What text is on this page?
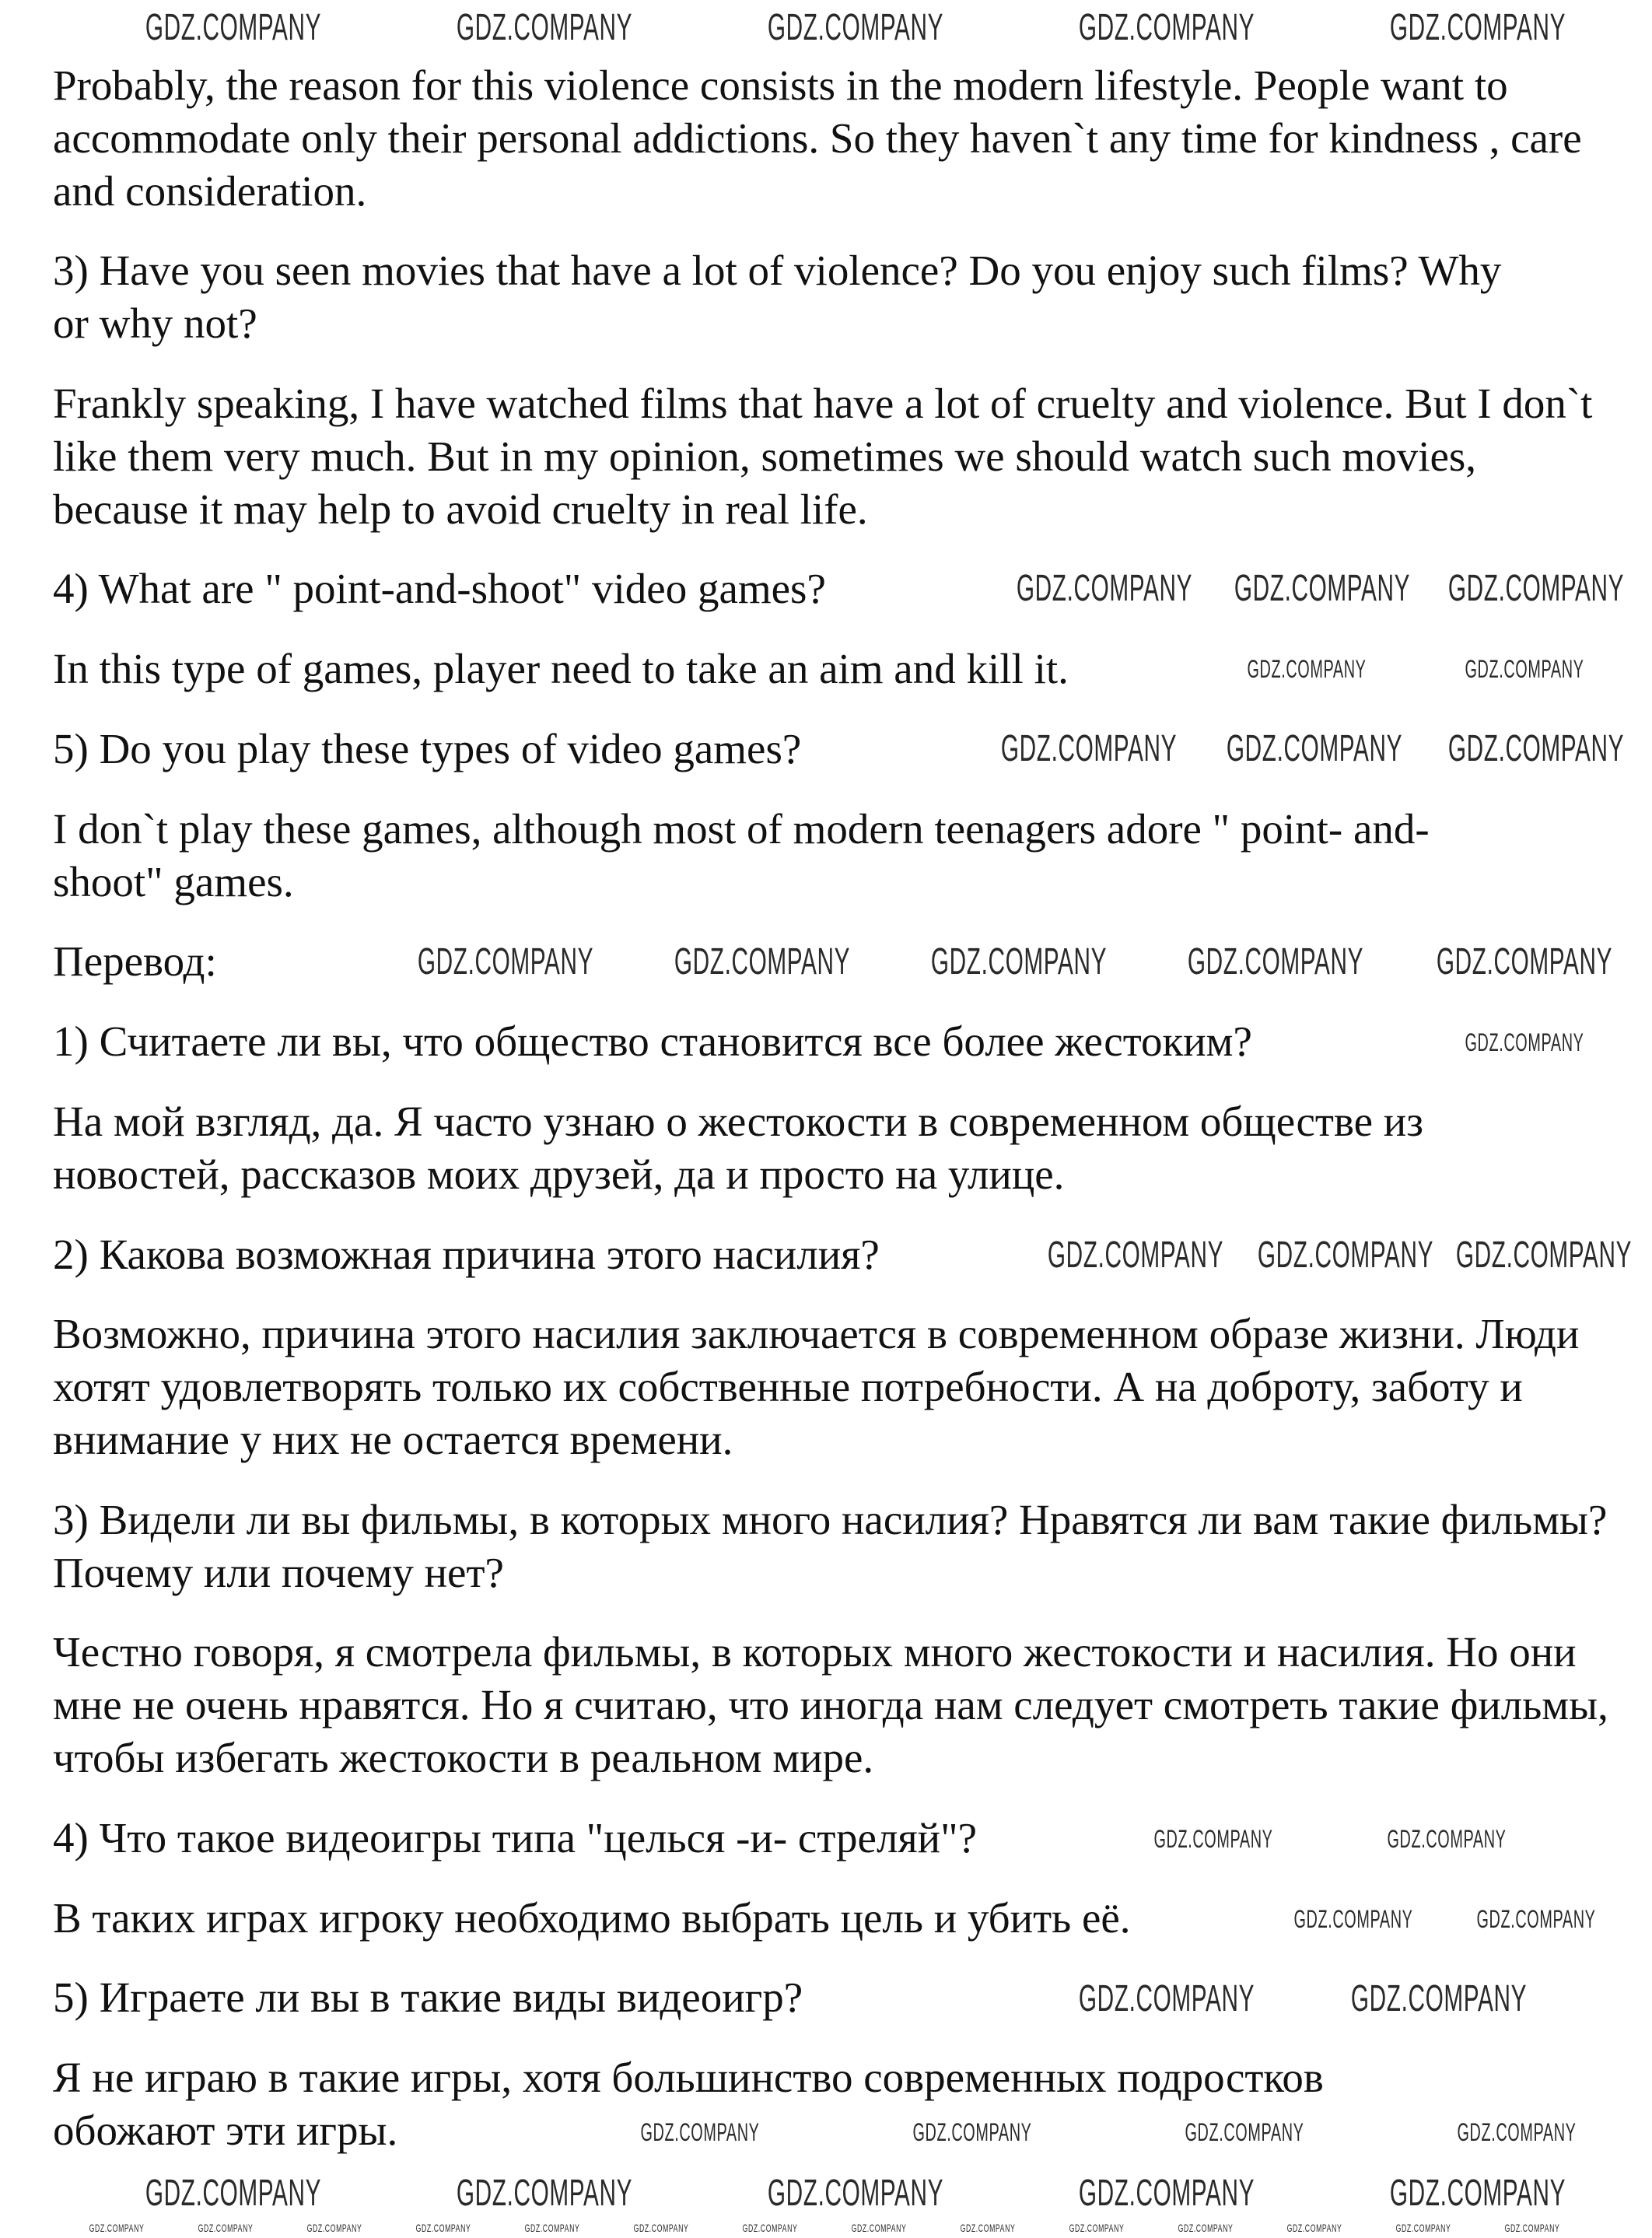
Probably, the reason for this violence consists in the modern lifestyle. People want to accommodate only their personal addictions. So they haven`t any time for kindness , care and consideration.

3) Have you seen movies that have a lot of violence? Do you enjoy such films? Why or why not?

Frankly speaking, I have watched films that have a lot of cruelty and violence. But I don`t like them very much. But in my opinion, sometimes we should watch such movies, because it may help to avoid cruelty in real life.

4) What are " point-and-shoot" video games?

In this type of games, player need to take an aim and kill it.

5) Do you play these types of video games?

I don`t play these games, although most of modern teenagers adore " point- and-shoot" games.

Перевод:

1) Считаете ли вы, что общество становится все более жестоким?

На мой взгляд, да. Я часто узнаю о жестокости в современном обществе из новостей, рассказов моих друзей, да и просто на улице.

2) Какова возможная причина этого насилия?

Возможно, причина этого насилия заключается в современном образе жизни. Люди хотят удовлетворять только их собственные потребности. А на доброту, заботу и внимание у них не остается времени.

3) Видели ли вы фильмы, в которых много насилия? Нравятся ли вам такие фильмы? Почему или почему нет?

Честно говоря, я смотрела фильмы, в которых много жестокости и насилия. Но они мне не очень нравятся. Но я считаю, что иногда нам следует смотреть такие фильмы, чтобы избегать жестокости в реальном мире.

4) Что такое видеоигры типа "целься -и- стреляй"?

В таких играх игроку необходимо выбрать цель и убить её.

5) Играете ли вы в такие виды видеоигр?

Я не играю в такие игры, хотя большинство современных подростков обожают эти игры.

GDZ.COMPANY	GDZ.COMPANY	GDZ.COMPANY	GDZ.COMPANY	GDZ.COMPANY
GDZ.COMPANY GDZ.COMPANY GDZ.COMPANY
GDZ.COMPANY	GDZ.COMPANY
GDZ.COMPANY GDZ.COMPANY GDZ.COMPANY
GDZ.COMPANY GDZ.COMPANY GDZ.COMPANY GDZ.COMPANY GDZ.COMPANY
GDZ.COMPANY
GDZ.COMPANY GDZ.COMPANY GDZ.COMPANY
GDZ.COMPANY	GDZ.COMPANY
GDZ.COMPANY	GDZ.COMPANY
GDZ.COMPANY	GDZ.COMPANY
GDZ.COMPANY	GDZ.COMPANY	GDZ.COMPANY	GDZ.COMPANY
GDZ.COMPANY	GDZ.COMPANY	GDZ.COMPANY	GDZ.COMPANY	GDZ.COMPANY
GDZ.COMPANY	GDZ.COMPANY	GDZ.COMPANY	GDZ.COMPANY	GDZ.COMPANY	GDZ.COMPANY	GDZ.COMPANY	GDZ.COMPANY	GDZ.COMPANY	GDZ.COMPANY	GDZ.COMPANY	GDZ.COMPANY	GDZ.COMPANY	GDZ.COMPANY
